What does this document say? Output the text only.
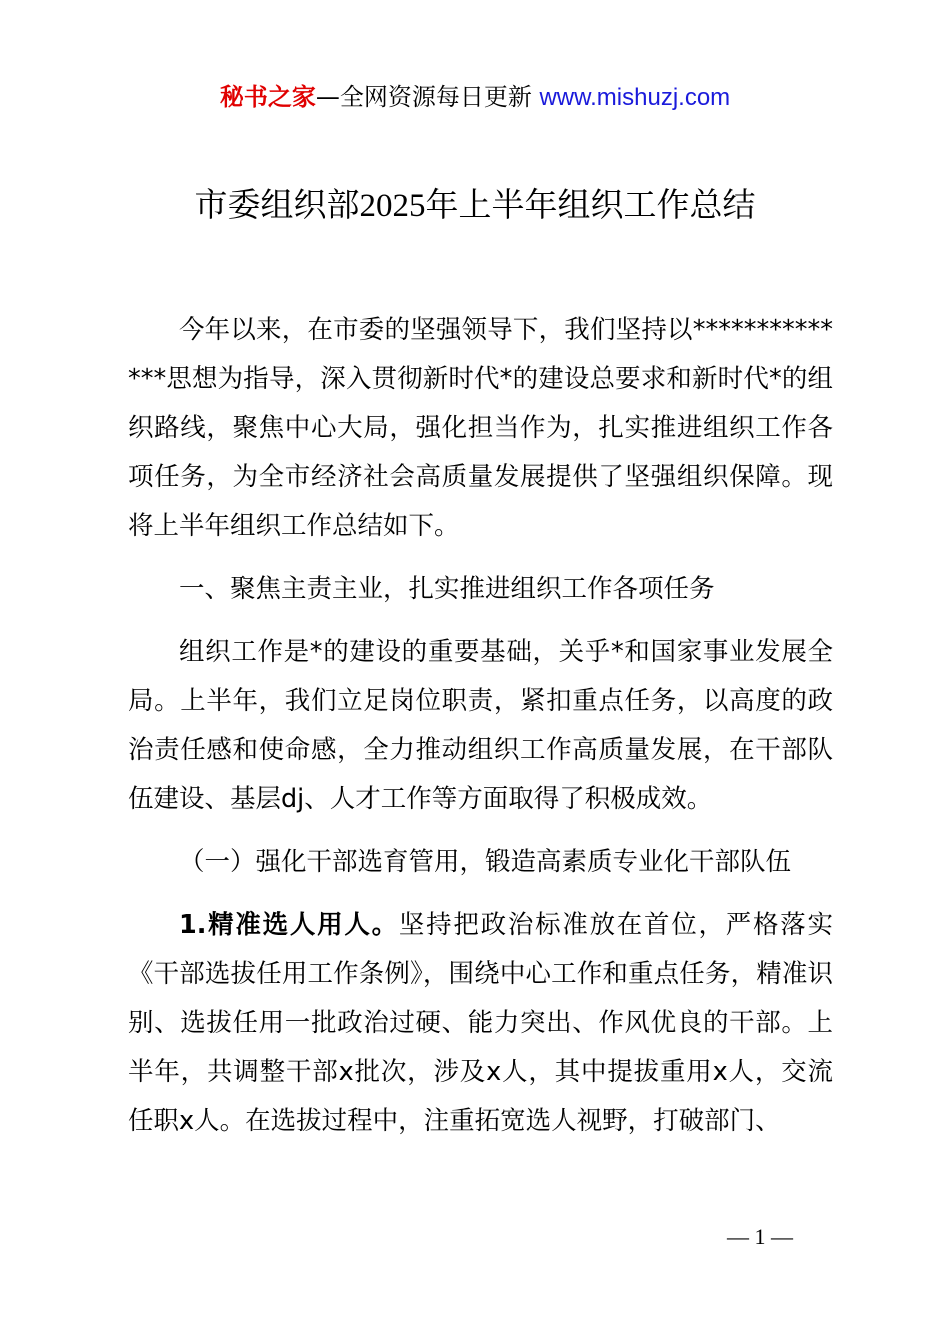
秘书之家—全网资源每日更新 www.mishuzj.com
市委组织部2025年上半年组织工作总结

今年以来，在市委的坚强领导下，我们坚持以**************思想为指导，深入贯彻新时代*的建设总要求和新时代*的组织路线，聚焦中心大局，强化担当作为，扎实推进组织工作各项任务，为全市经济社会高质量发展提供了坚强组织保障。现将上半年组织工作总结如下。

一、聚焦主责主业，扎实推进组织工作各项任务

组织工作是*的建设的重要基础，关乎*和国家事业发展全局。上半年，我们立足岗位职责，紧扣重点任务，以高度的政治责任感和使命感，全力推动组织工作高质量发展，在干部队伍建设、基层dj、人才工作等方面取得了积极成效。

（一）强化干部选育管用，锻造高素质专业化干部队伍

1.精准选人用人。坚持把政治标准放在首位，严格落实《干部选拔任用工作条例》，围绕中心工作和重点任务，精准识别、选拔任用一批政治过硬、能力突出、作风优良的干部。上半年，共调整干部x批次，涉及x人，其中提拔重用x人，交流任职x人。在选拔过程中，注重拓宽选人视野，打破部门、

— 1 —
